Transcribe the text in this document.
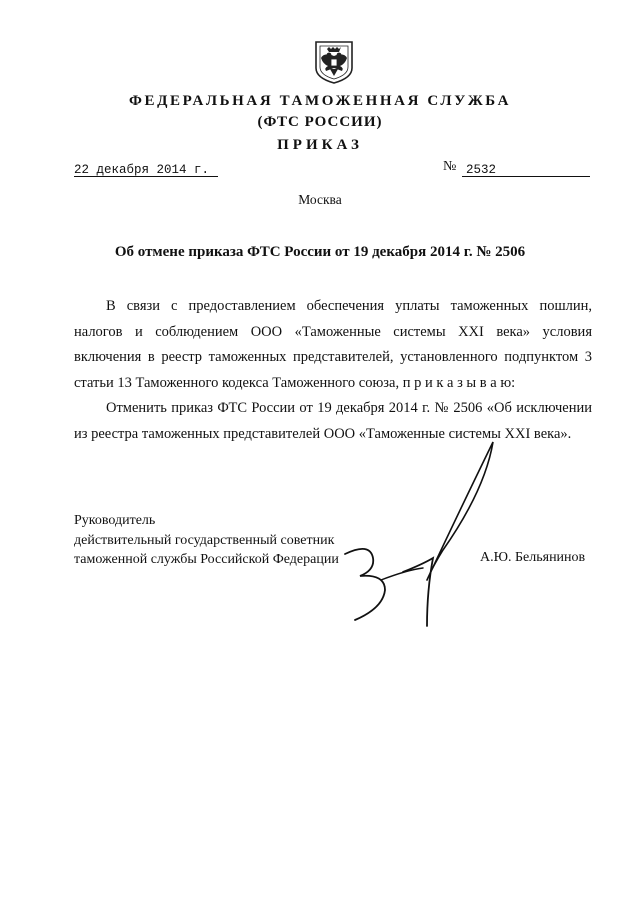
ФЕДЕРАЛЬНАЯ ТАМОЖЕННАЯ СЛУЖБА
(ФТС РОССИИ)
ПРИКАЗ
22 декабря 2014 г.	№ 2532
Москва
Об отмене приказа ФТС России от 19 декабря 2014 г. № 2506

В связи с предоставлением обеспечения уплаты таможенных пошлин, налогов и соблюдением ООО «Таможенные системы XXI века» условия включения в реестр таможенных представителей, установленного подпунктом 3 статьи 13 Таможенного кодекса Таможенного союза, п р и к а з ы в а ю:

Отменить приказ ФТС России от 19 декабря 2014 г. № 2506 «Об исключении из реестра таможенных представителей ООО «Таможенные системы XXI века».

Руководитель
действительный государственный советник
таможенной службы Российской Федерации	А.Ю. Бельянинов
